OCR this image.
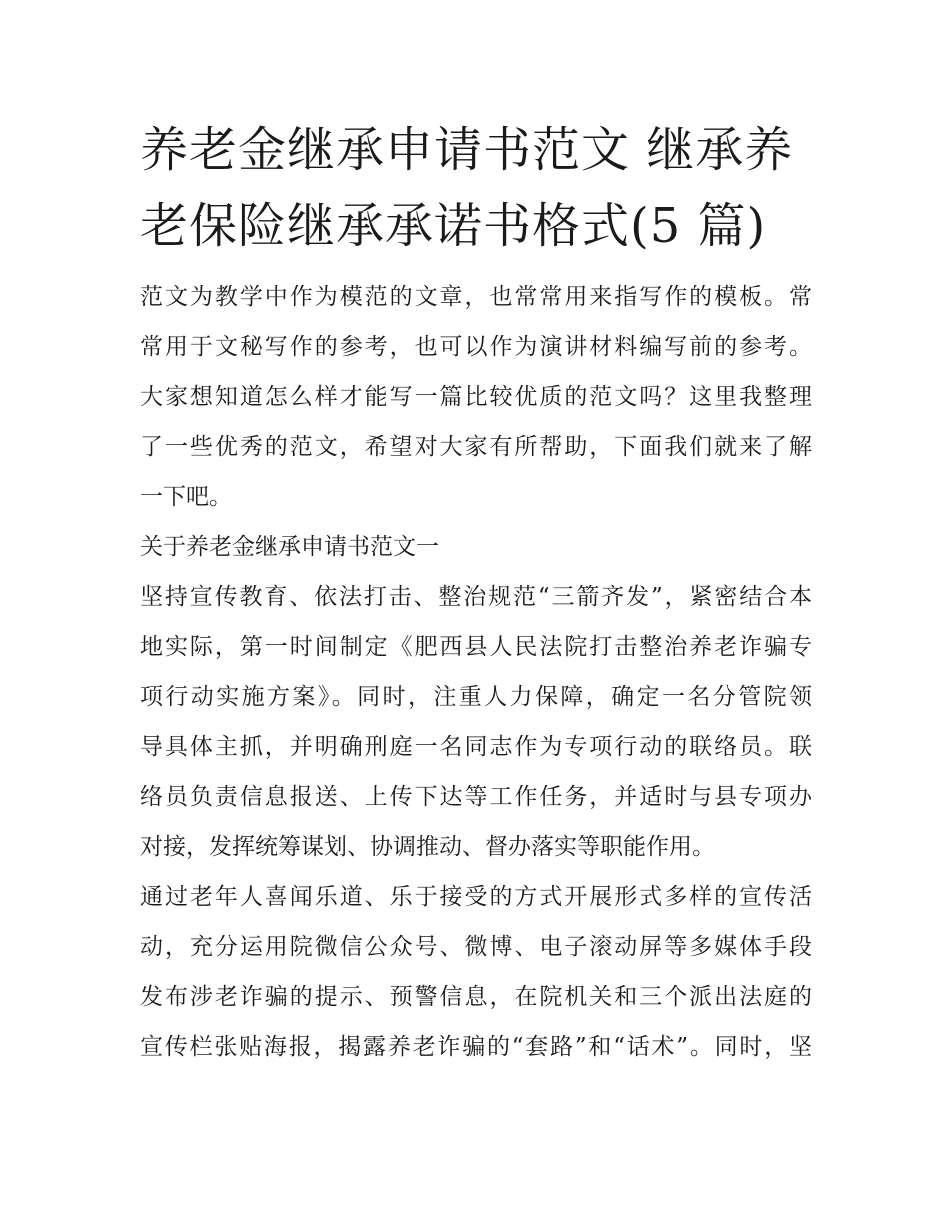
养老金继承申请书范文 继承养
老保险继承承诺书格式(5 篇)

范文为教学中作为模范的文章，也常常用来指写作的模板。常
常用于文秘写作的参考，也可以作为演讲材料编写前的参考。
大家想知道怎么样才能写一篇比较优质的范文吗？这里我整理
了一些优秀的范文，希望对大家有所帮助，下面我们就来了解
一下吧。

关于养老金继承申请书范文一

坚持宣传教育、依法打击、整治规范“三箭齐发”，紧密结合本
地实际，第一时间制定《肥西县人民法院打击整治养老诈骗专
项行动实施方案》。同时，注重人力保障，确定一名分管院领
导具体主抓，并明确刑庭一名同志作为专项行动的联络员。联
络员负责信息报送、上传下达等工作任务，并适时与县专项办
对接，发挥统筹谋划、协调推动、督办落实等职能作用。

通过老年人喜闻乐道、乐于接受的方式开展形式多样的宣传活
动，充分运用院微信公众号、微博、电子滚动屏等多媒体手段
发布涉老诈骗的提示、预警信息，在院机关和三个派出法庭的
宣传栏张贴海报，揭露养老诈骗的“套路”和“话术”。同时，坚
